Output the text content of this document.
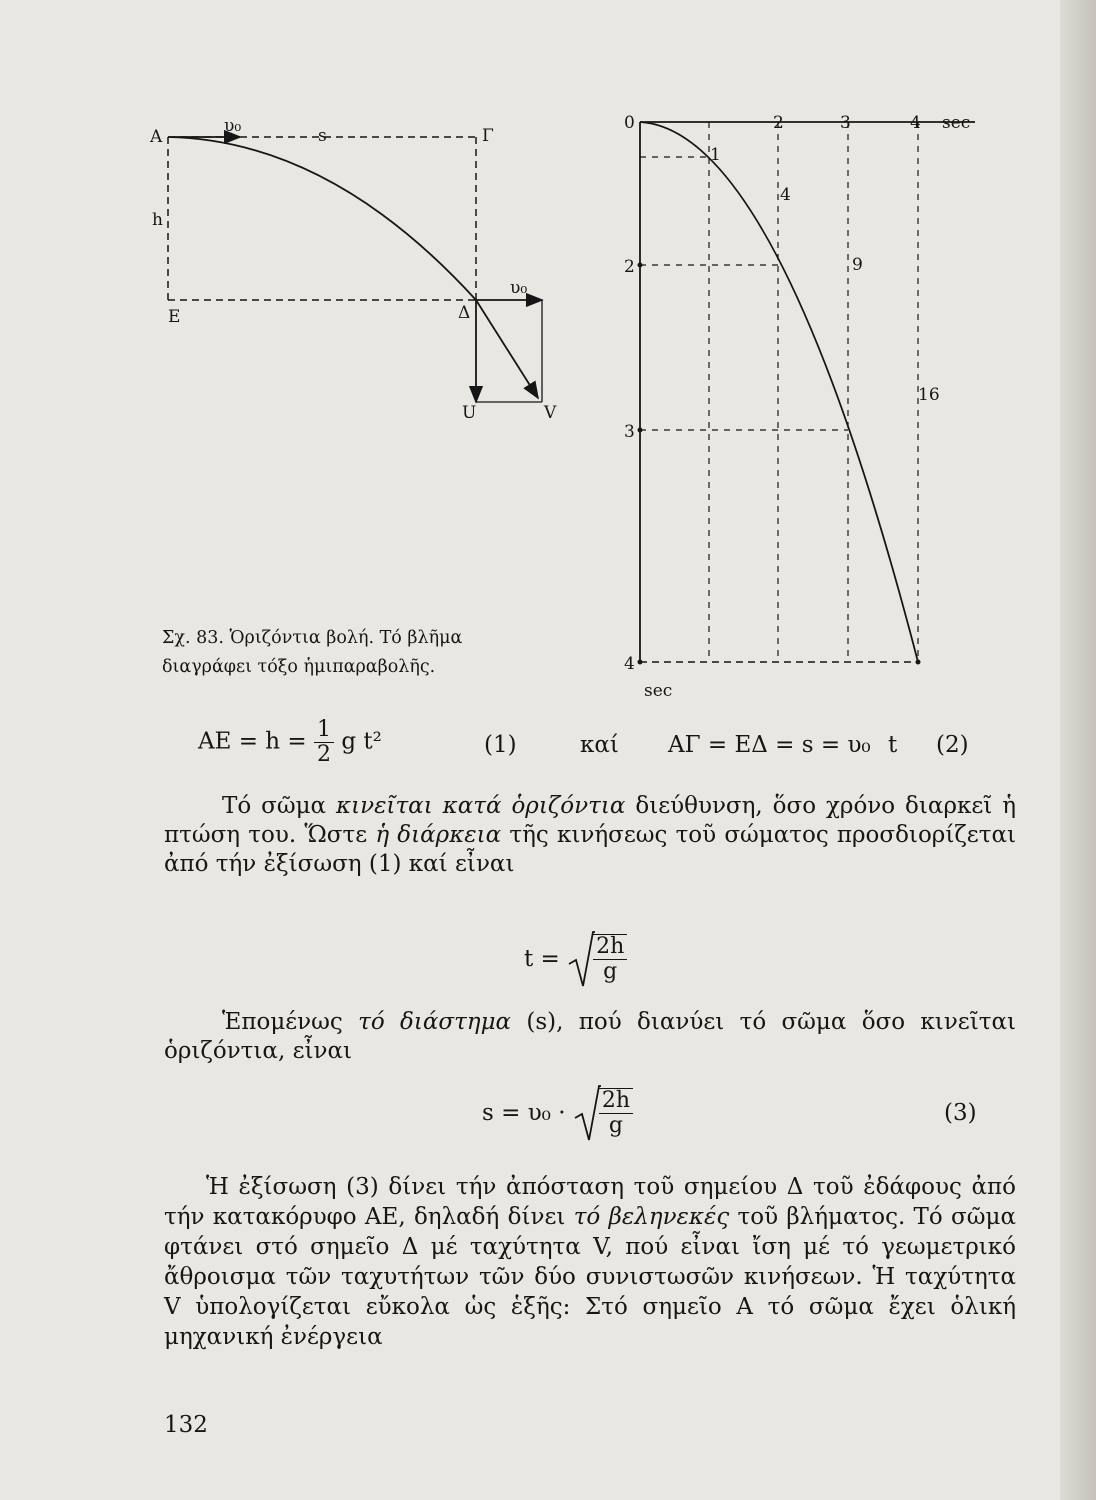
A
υ₀	s	Γ
h
E	Δ
υ₀
U	V
0	2	3	4 sec
1
4
9
16
2
3
4
sec
Σχ. 83. Ὁριζόντια βολή. Τό βλῆμα
διαγράφει τόξο ἡμιπαραβολῆς.
AE = $h = \frac{1}{2}$ g t²	(1)	καί AΓ = EΔ = s = υ₀ t (2)
Τό σῶμα κινεῖται κατά ὁριζόντια διεύθυνση, ὅσο χρόνο διαρκεῖ ἡ πτώση του. Ὥστε ἡ διάρκεια τῆς κινήσεως τοῦ σώματος προσδιορίζεται ἀπό τήν ἐξίσωση (1) καί εἶναι
$t = \frac{2h}{g}$
Ἑπομένως τό διάστημα (s), πού διανύει τό σῶμα ὅσο κινεῖται ὁριζόντια, εἶναι
$s = \upsilon_0 \cdot \frac{2h}{g}$	(3)
Ἡ ἐξίσωση (3) δίνει τήν ἀπόσταση τοῦ σημείου Δ τοῦ ἐδάφους ἀπό τήν κατακόρυφο AE, δηλαδή δίνει τό βεληνεκές τοῦ βλήματος. Τό σῶμα φτάνει στό σημεῖο Δ μέ ταχύτητα V, πού εἶναι ἴση μέ τό γεωμετρικό ἄθροισμα τῶν ταχυτήτων τῶν δύο συνιστωσῶν κινήσεων. Ἡ ταχύτητα V ὑπολογίζεται εὔκολα ὡς ἑξῆς: Στό σημεῖο A τό σῶμα ἔχει ὁλική μηχανική ἐνέργεια
132
